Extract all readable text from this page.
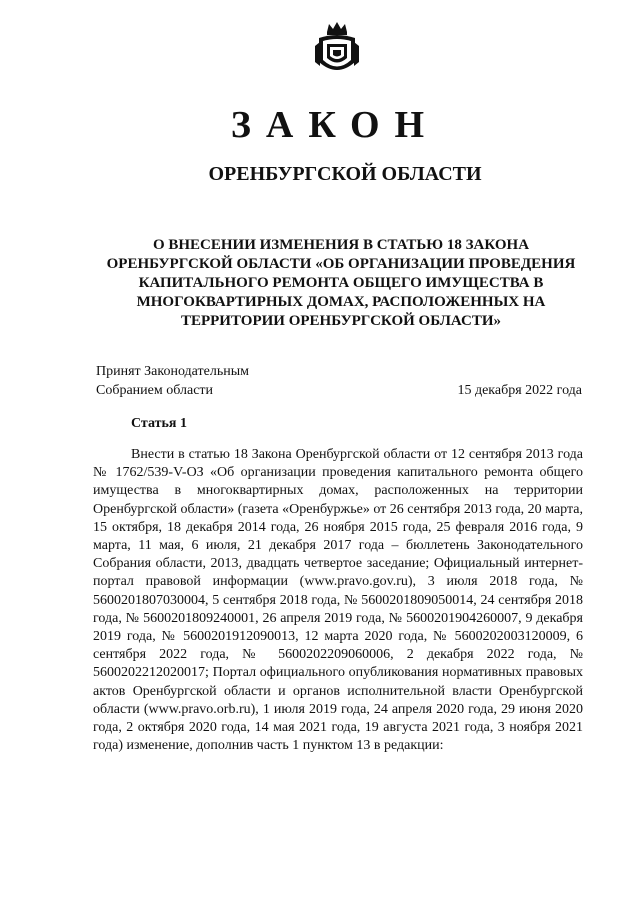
ЗАКОН
ОРЕНБУРГСКОЙ ОБЛАСТИ
О ВНЕСЕНИИ ИЗМЕНЕНИЯ В СТАТЬЮ 18 ЗАКОНА
ОРЕНБУРГСКОЙ ОБЛАСТИ «ОБ ОРГАНИЗАЦИИ ПРОВЕДЕНИЯ
КАПИТАЛЬНОГО РЕМОНТА ОБЩЕГО ИМУЩЕСТВА В
МНОГОКВАРТИРНЫХ ДОМАХ, РАСПОЛОЖЕННЫХ НА
ТЕРРИТОРИИ ОРЕНБУРГСКОЙ ОБЛАСТИ»
Принят Законодательным
Собранием области	15 декабря 2022 года
Статья 1

Внести в статью 18 Закона Оренбургской области от 12 сентября 2013 года № 1762/539-V-ОЗ «Об организации проведения капитального ремонта общего имущества в многоквартирных домах, расположенных на территории Оренбургской области» (газета «Оренбуржье» от 26 сентября 2013 года, 20 марта, 15 октября, 18 декабря 2014 года, 26 ноября 2015 года, 25 февраля 2016 года, 9 марта, 11 мая, 6 июля, 21 декабря 2017 года – бюллетень Законодательного Собрания области, 2013, двадцать четвертое заседание; Официальный интернет-портал правовой информации (www.pravo.gov.ru), 3 июля 2018 года, № 5600201807030004, 5 сентября 2018 года, № 5600201809050014, 24 сентября 2018 года, № 5600201809240001, 26 апреля 2019 года, № 5600201904260007, 9 декабря 2019 года, № 5600201912090013, 12 марта 2020 года, № 5600202003120009, 6 сентября 2022 года, № 5600202209060006, 2 декабря 2022 года, № 5600202212020017; Портал официального опубликования нормативных правовых актов Оренбургской области и органов исполнительной власти Оренбургской области (www.pravo.orb.ru), 1 июля 2019 года, 24 апреля 2020 года, 29 июня 2020 года, 2 октября 2020 года, 14 мая 2021 года, 19 августа 2021 года, 3 ноября 2021 года) изменение, дополнив часть 1 пунктом 13 в редакции:
